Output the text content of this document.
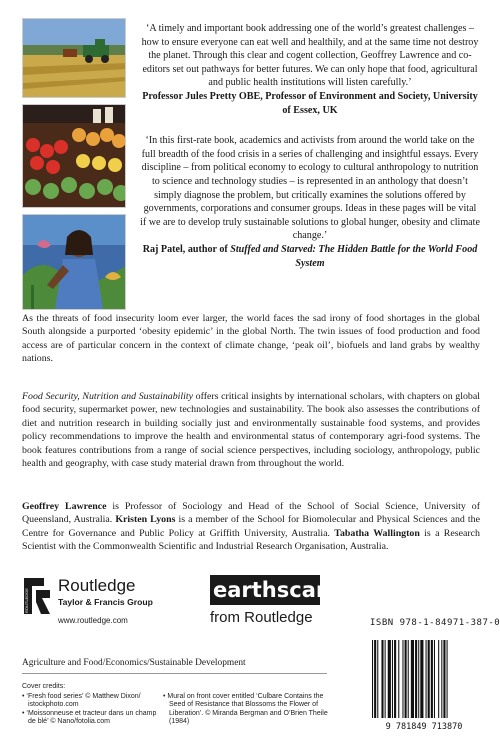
‘A timely and important book addressing one of the world’s greatest challenges – how to ensure everyone can eat well and healthily, and at the same time not destroy the planet. Through this clear and cogent collection, Geoffrey Lawrence and co-editors set out pathways for better futures. We can only hope that food, agricultural and public health institutions will listen carefully.’

Professor Jules Pretty OBE, Professor of Environment and Society, University of Essex, UK

‘In this first-rate book, academics and activists from around the world take on the full breadth of the food crisis in a series of challenging and insightful essays. Every discipline – from political economy to ecology to cultural anthropology to nutrition to science and technology studies – is represented in an anthology that doesn’t simply diagnose the problem, but critically examines the solutions offered by governments, corporations and consumer groups. Ideas in these pages will be vital if we are to develop truly sustainable solutions to global hunger, obesity and climate change.’

Raj Patel, author of Stuffed and Starved: The Hidden Battle for the World Food System

As the threats of food insecurity loom ever larger, the world faces the sad irony of food shortages in the global South alongside a purported ‘obesity epidemic’ in the global North. The twin issues of food production and food access are of particular concern in the context of climate change, ‘peak oil’, biofuels and land grabs by wealthy nations.
Food Security, Nutrition and Sustainability offers critical insights by international scholars, with chapters on global food security, supermarket power, new technologies and sustainability. The book also assesses the contributions of diet and nutrition research in building socially just and environmentally sustainable food systems, and provides policy recommendations to improve the health and environmental status of contemporary agri-food systems. The book features contributions from a range of social science perspectives, including sociology, anthropology, public health and geography, with case study material drawn from throughout the world.
Geoffrey Lawrence is Professor of Sociology and Head of the School of Social Science, University of Queensland, Australia. Kristen Lyons is a member of the School for Biomolecular and Physical Sciences and the Centre for Governance and Public Policy at Griffith University, Australia. Tabatha Wallington is a Research Scientist with the Commonwealth Scientific and Industrial Research Organisation, Australia.
ROUTLEDGE
Routledge
Taylor & Francis Group
www.routledge.com
earthscan
from Routledge	ISBN 978-1-84971-387-0
9 781849 713870
Agriculture and Food/Economics/Sustainable Development
Cover credits:
• ‘Fresh food series’ © Matthew Dixon/ istockphoto.com
• ‘Moissonneuse et tracteur dans un champ de blé’ © Nano/fotolia.com
• Mural on front cover entitled ‘Culbare Contains the Seed of Resistance that Blossoms the Flower of Liberation’. © Miranda Bergman and O’Brien Theile (1984)
